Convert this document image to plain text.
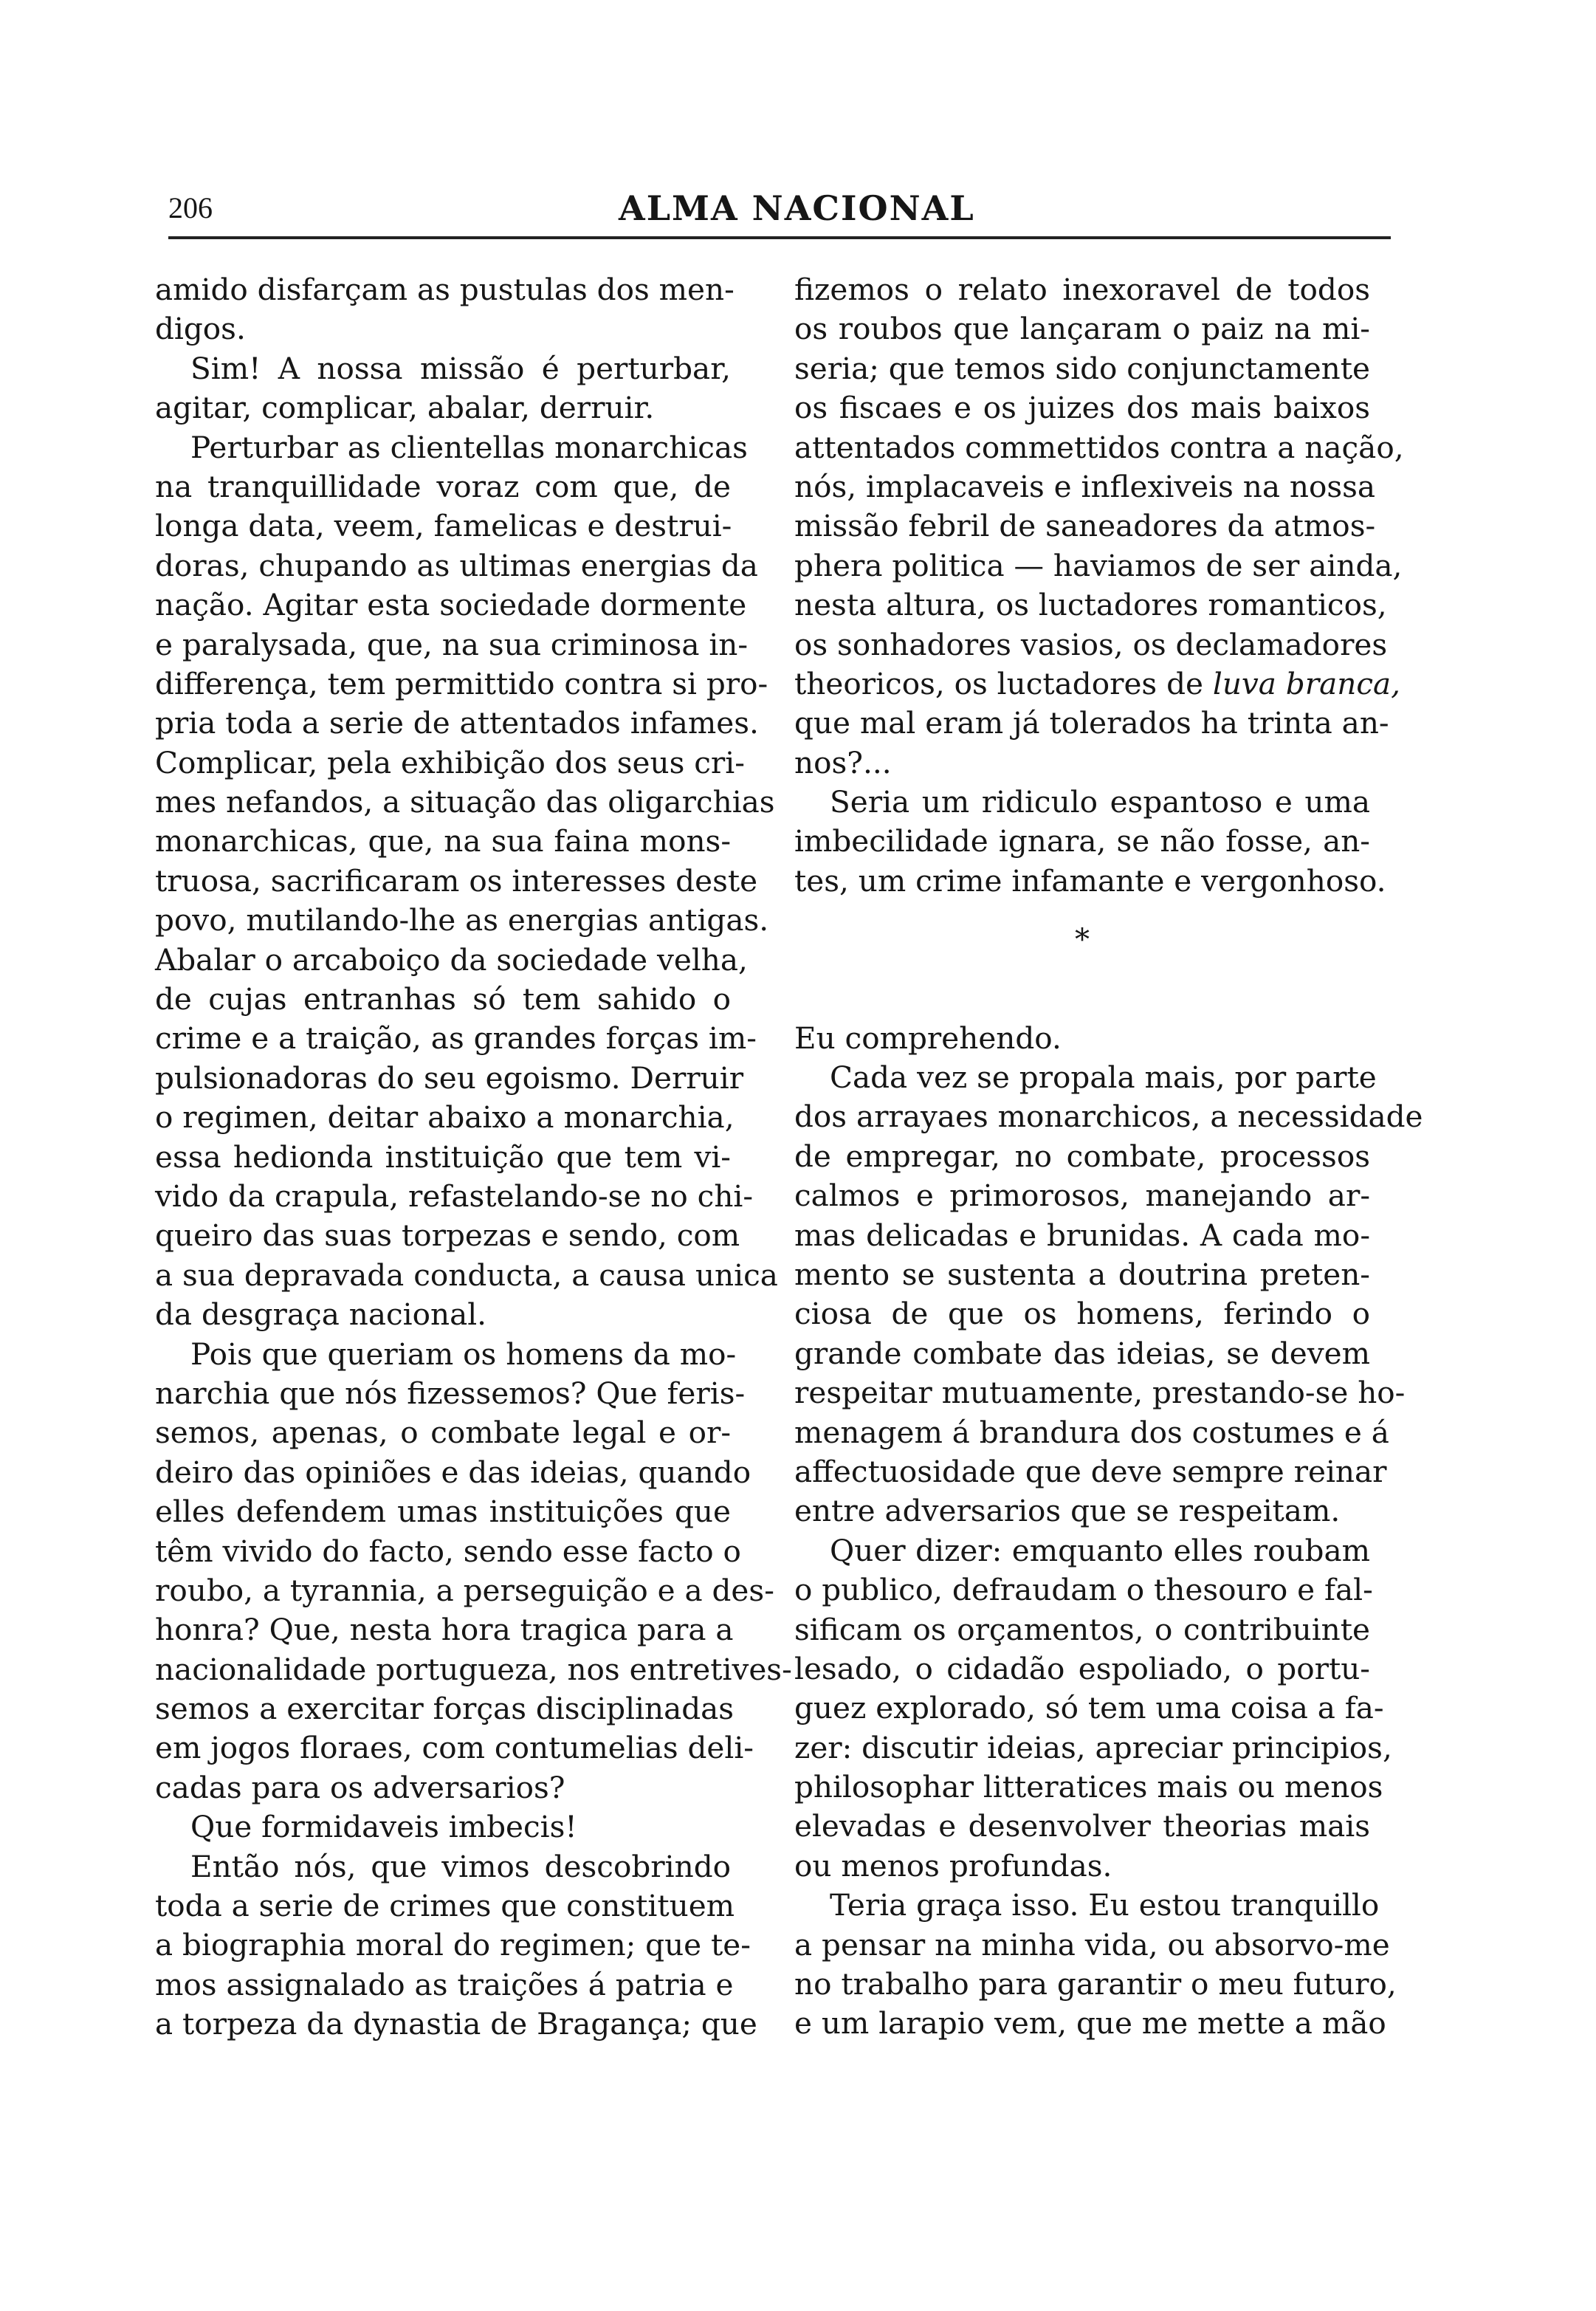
206	ALMA NACIONAL
amido disfarçam as pustulas dos men-
digos.
Sim! A nossa missão é perturbar,
agitar, complicar, abalar, derruir.
Perturbar as clientellas monarchicas
na tranquillidade voraz com que, de
longa data, veem, famelicas e destrui-
doras, chupando as ultimas energias da
nação. Agitar esta sociedade dormente
e paralysada, que, na sua criminosa in-
differença, tem permittido contra si pro-
pria toda a serie de attentados infames.
Complicar, pela exhibição dos seus cri-
mes nefandos, a situação das oligarchias
monarchicas, que, na sua faina mons-
truosa, sacrificaram os interesses deste
povo, mutilando-lhe as energias antigas.
Abalar o arcaboiço da sociedade velha,
de cujas entranhas só tem sahido o
crime e a traição, as grandes forças im-
pulsionadoras do seu egoismo. Derruir
o regimen, deitar abaixo a monarchia,
essa hedionda instituição que tem vi-
vido da crapula, refastelando-se no chi-
queiro das suas torpezas e sendo, com
a sua depravada conducta, a causa unica
da desgraça nacional.
Pois que queriam os homens da mo-
narchia que nós fizessemos? Que feris-
semos, apenas, o combate legal e or-
deiro das opiniões e das ideias, quando
elles defendem umas instituições que
têm vivido do facto, sendo esse facto o
roubo, a tyrannia, a perseguição e a des-
honra? Que, nesta hora tragica para a
nacionalidade portugueza, nos entretives-
semos a exercitar forças disciplinadas
em jogos floraes, com contumelias deli-
cadas para os adversarios?
Que formidaveis imbecis!
Então nós, que vimos descobrindo
toda a serie de crimes que constituem
a biographia moral do regimen; que te-
mos assignalado as traições á patria e
a torpeza da dynastia de Bragança; que
fizemos o relato inexoravel de todos
os roubos que lançaram o paiz na mi-
seria; que temos sido conjunctamente
os fiscaes e os juizes dos mais baixos
attentados commettidos contra a nação,
nós, implacaveis e inflexiveis na nossa
missão febril de saneadores da atmos-
phera politica — haviamos de ser ainda,
nesta altura, os luctadores romanticos,
os sonhadores vasios, os declamadores
theoricos, os luctadores de luva branca,
que mal eram já tolerados ha trinta an-
nos?...
Seria um ridiculo espantoso e uma
imbecilidade ignara, se não fosse, an-
tes, um crime infamante e vergonhoso.
*
Eu comprehendo.
Cada vez se propala mais, por parte
dos arrayaes monarchicos, a necessidade
de empregar, no combate, processos
calmos e primorosos, manejando ar-
mas delicadas e brunidas. A cada mo-
mento se sustenta a doutrina preten-
ciosa de que os homens, ferindo o
grande combate das ideias, se devem
respeitar mutuamente, prestando-se ho-
menagem á brandura dos costumes e á
affectuosidade que deve sempre reinar
entre adversarios que se respeitam.
Quer dizer: emquanto elles roubam
o publico, defraudam o thesouro e fal-
sificam os orçamentos, o contribuinte
lesado, o cidadão espoliado, o portu-
guez explorado, só tem uma coisa a fa-
zer: discutir ideias, apreciar principios,
philosophar litteratices mais ou menos
elevadas e desenvolver theorias mais
ou menos profundas.
Teria graça isso. Eu estou tranquillo
a pensar na minha vida, ou absorvo-me
no trabalho para garantir o meu futuro,
e um larapio vem, que me mette a mão
